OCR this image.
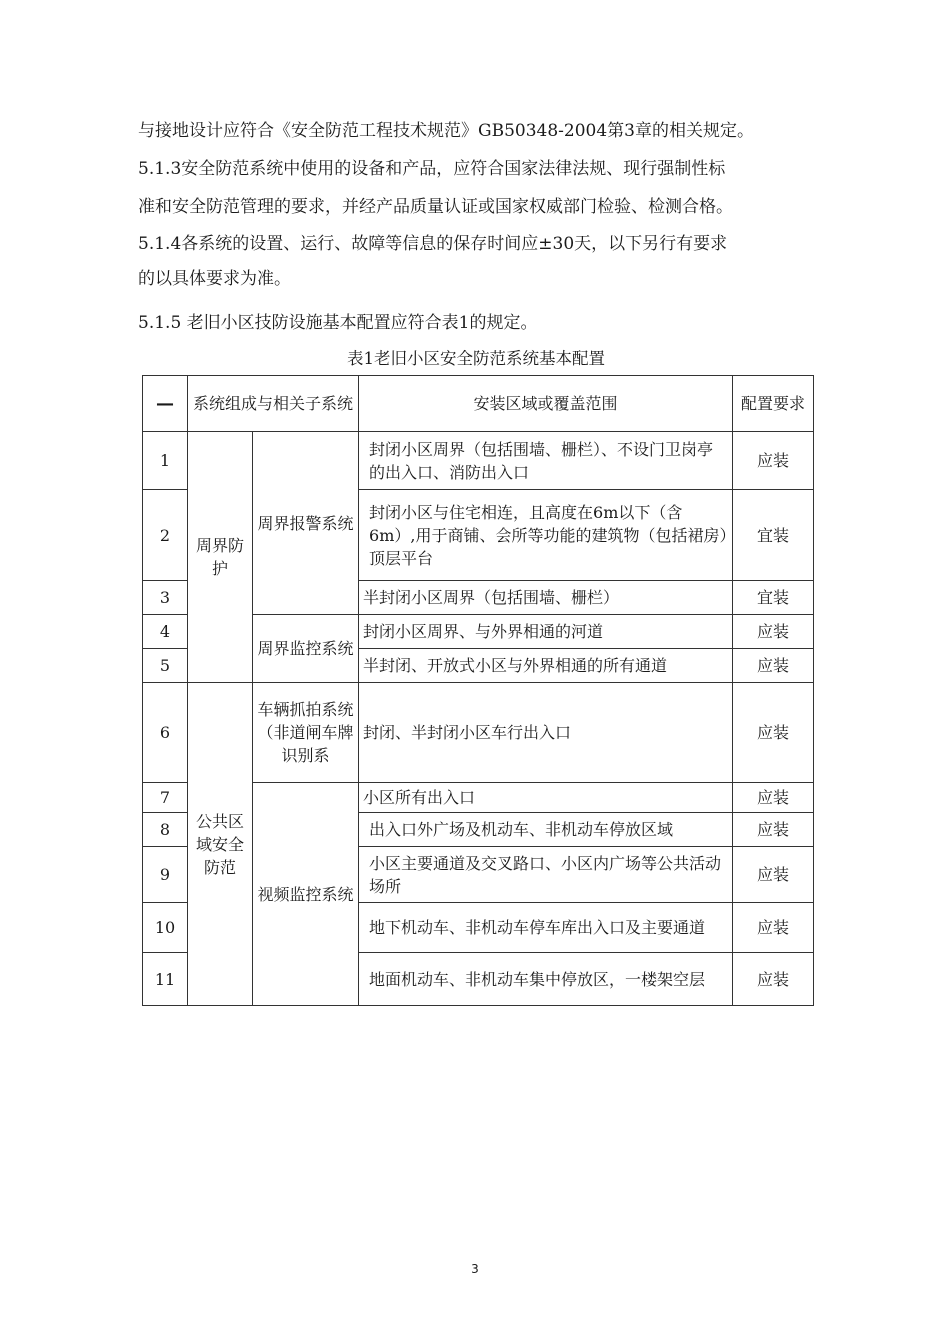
与接地设计应符合《安全防范工程技术规范》GB50348-2004第3章的相关规定。
5.1.3安全防范系统中使用的设备和产品，应符合国家法律法规、现行强制性标
准和安全防范管理的要求，并经产品质量认证或国家权威部门检验、检测合格。
5.1.4各系统的设置、运行、故障等信息的保存时间应±30天，以下另行有要求
的以具体要求为准。
5.1.5 老旧小区技防设施基本配置应符合表1的规定。
表1老旧小区安全防范系统基本配置
—	系统组成与相关子系统		安装区域或覆盖范围	配置要求
1	周界防护	周界报警系统	封闭小区周界（包括围墙、栅栏）、不设门卫岗亭的出入口、消防出入口	应装
2			封闭小区与住宅相连，且高度在6m以下（含6m）,用于商铺、会所等功能的建筑物（包括裙房）顶层平台	宜装
3			半封闭小区周界（包括围墙、栅栏）	宜装
4		周界监控系统	封闭小区周界、与外界相通的河道	应装
5			半封闭、开放式小区与外界相通的所有通道	应装
6	公共区域安全防范	车辆抓拍系统（非道闸车牌识别系	封闭、半封闭小区车行出入口	应装
7		视频监控系统	小区所有出入口	应装
8			出入口外广场及机动车、非机动车停放区域	应装
9			小区主要通道及交叉路口、小区内广场等公共活动场所	应装
10			地下机动车、非机动车停车库出入口及主要通道	应装
11			地面机动车、非机动车集中停放区，一楼架空层	应装
3
